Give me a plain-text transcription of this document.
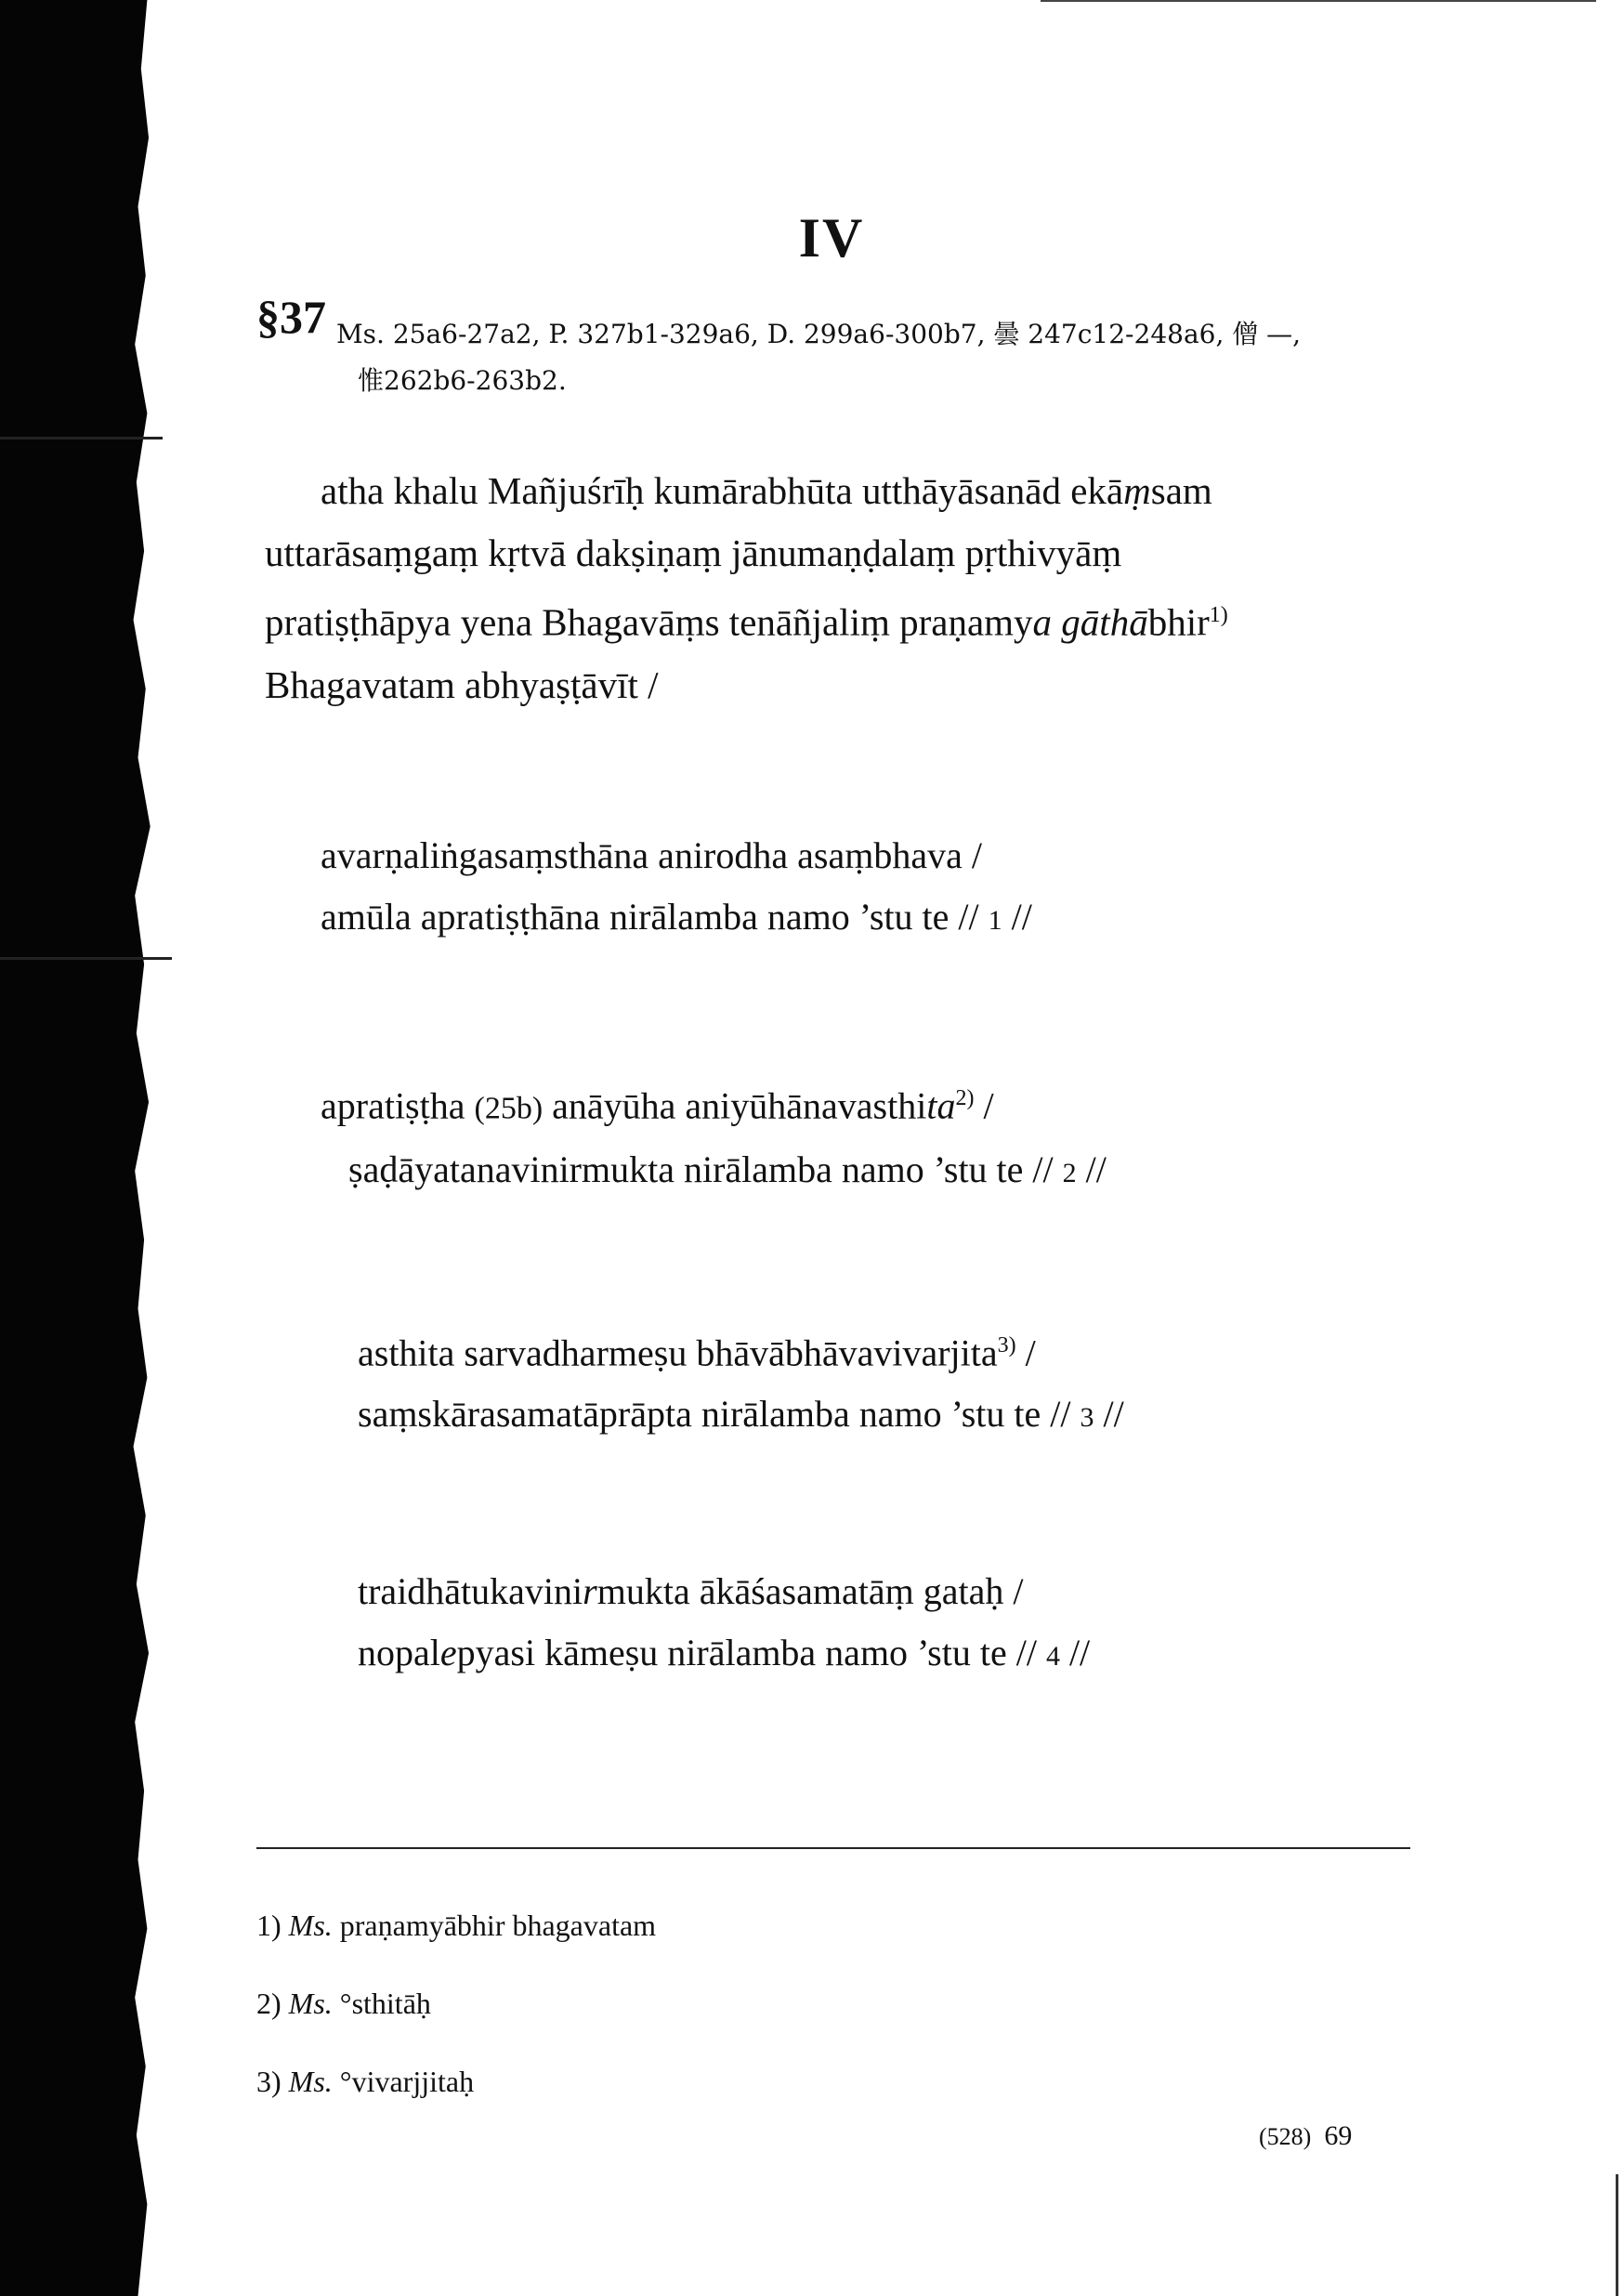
IV
§37 Ms. 25a6-27a2, P. 327b1-329a6, D. 299a6-300b7, 曇 247c12-248a6, 僧 —,
惟262b6-263b2.
atha khalu Mañjuśrīḥ kumārabhūta utthāyāsanād ekāṃsam
uttarāsaṃgaṃ kṛtvā dakṣiṇaṃ jānumaṇḍalaṃ pṛthivyāṃ
pratiṣṭhāpya yena Bhagavāṃs tenāñjaliṃ praṇamya gāthābhir$^{1)}$
Bhagavatam abhyaṣṭāvīt /
avarṇaliṅgasaṃsthāna anirodha asaṃbhava /
amūla apratiṣṭhāna nirālamba namo ’stu te // 1 //
apratiṣṭha (25b) anāyūha aniyūhānavasthita$^{2)}$ /
ṣaḍāyatanavinirmukta nirālamba namo ’stu te // 2 //
asthita sarvadharmeṣu bhāvābhāvavivarjita$^{3)}$ /
saṃskārasamatāprāpta nirālamba namo ’stu te // 3 //
traidhātukavinirmukta ākāśasamatāṃ gataḥ /
nopalepyasi kāmeṣu nirālamba namo ’stu te // 4 //
1) Ms. praṇamyābhir bhagavatam
2) Ms. °sthitāḥ
3) Ms. °vivarjjitaḥ
(528) 69
